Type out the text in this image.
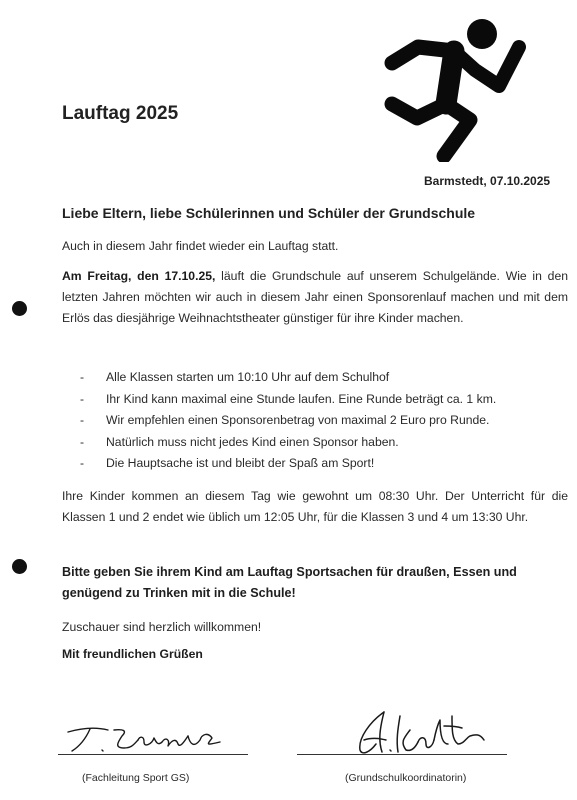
Lauftag 2025
Barmstedt, 07.10.2025
Liebe Eltern, liebe Schülerinnen und Schüler der Grundschule
Auch in diesem Jahr findet wieder ein Lauftag statt.
Am Freitag, den 17.10.25, läuft die Grundschule auf unserem Schulgelände. Wie in den letzten Jahren möchten wir auch in diesem Jahr einen Sponsorenlauf machen und mit dem Erlös das diesjährige Weihnachtstheater günstiger für ihre Kinder machen.
- Alle Klassen starten um 10:10 Uhr auf dem Schulhof
- Ihr Kind kann maximal eine Stunde laufen. Eine Runde beträgt ca. 1 km.
- Wir empfehlen einen Sponsorenbetrag von maximal 2 Euro pro Runde.
- Natürlich muss nicht jedes Kind einen Sponsor haben.
- Die Hauptsache ist und bleibt der Spaß am Sport!
Ihre Kinder kommen an diesem Tag wie gewohnt um 08:30 Uhr. Der Unterricht für die Klassen 1 und 2 endet wie üblich um 12:05 Uhr, für die Klassen 3 und 4 um 13:30 Uhr.
Bitte geben Sie ihrem Kind am Lauftag Sportsachen für draußen, Essen und genügend zu Trinken mit in die Schule!
Zuschauer sind herzlich willkommen!
Mit freundlichen Grüßen
(Fachleitung Sport GS)	(Grundschulkoordinatorin)
